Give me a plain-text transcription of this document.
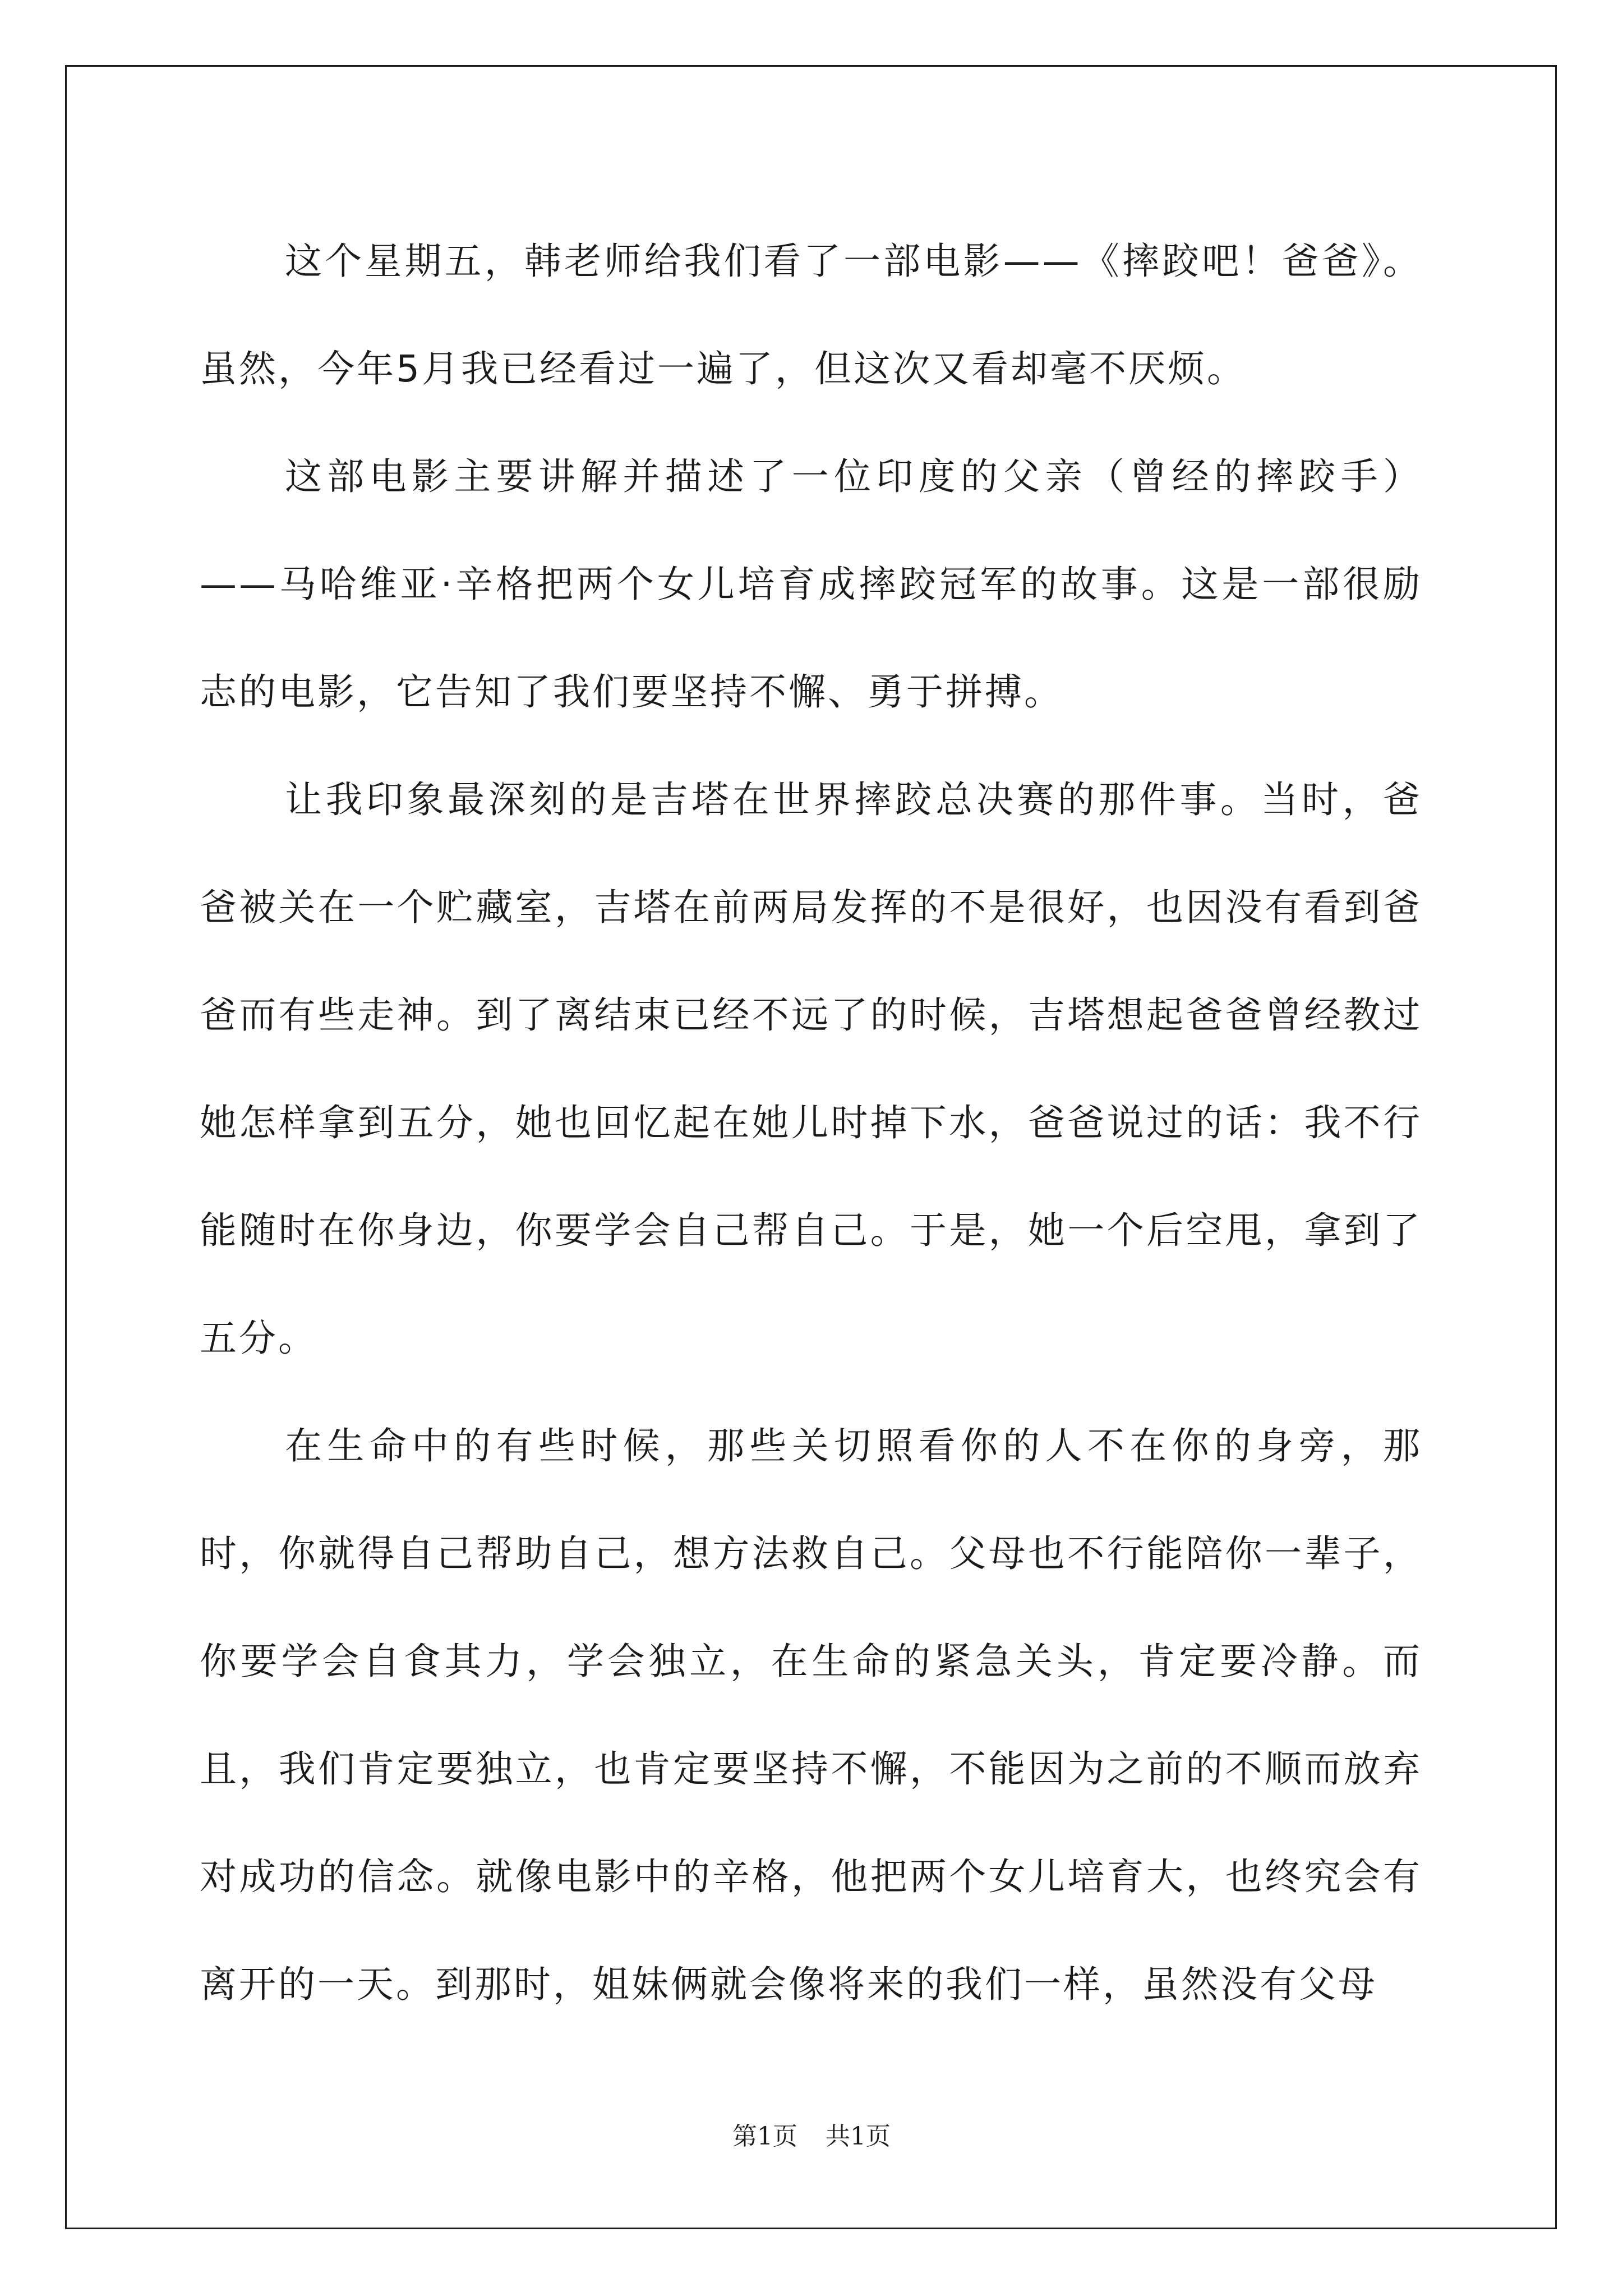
这个星期五，韩老师给我们看了一部电影——《摔跤吧！爸爸》。虽然，今年5月我已经看过一遍了，但这次又看却毫不厌烦。

这部电影主要讲解并描述了一位印度的父亲（曾经的摔跤手）——马哈维亚·辛格把两个女儿培育成摔跤冠军的故事。这是一部很励志的电影，它告知了我们要坚持不懈、勇于拼搏。

让我印象最深刻的是吉塔在世界摔跤总决赛的那件事。当时，爸爸被关在一个贮藏室，吉塔在前两局发挥的不是很好，也因没有看到爸爸而有些走神。到了离结束已经不远了的时候，吉塔想起爸爸曾经教过她怎样拿到五分，她也回忆起在她儿时掉下水，爸爸说过的话：我不行能随时在你身边，你要学会自己帮自己。于是，她一个后空甩，拿到了五分。

在生命中的有些时候，那些关切照看你的人不在你的身旁，那时，你就得自己帮助自己，想方法救自己。父母也不行能陪你一辈子，你要学会自食其力，学会独立，在生命的紧急关头，肯定要冷静。而且，我们肯定要独立，也肯定要坚持不懈，不能因为之前的不顺而放弃对成功的信念。就像电影中的辛格，他把两个女儿培育大，也终究会有离开的一天。到那时，姐妹俩就会像将来的我们一样，虽然没有父母

第1页 共1页
